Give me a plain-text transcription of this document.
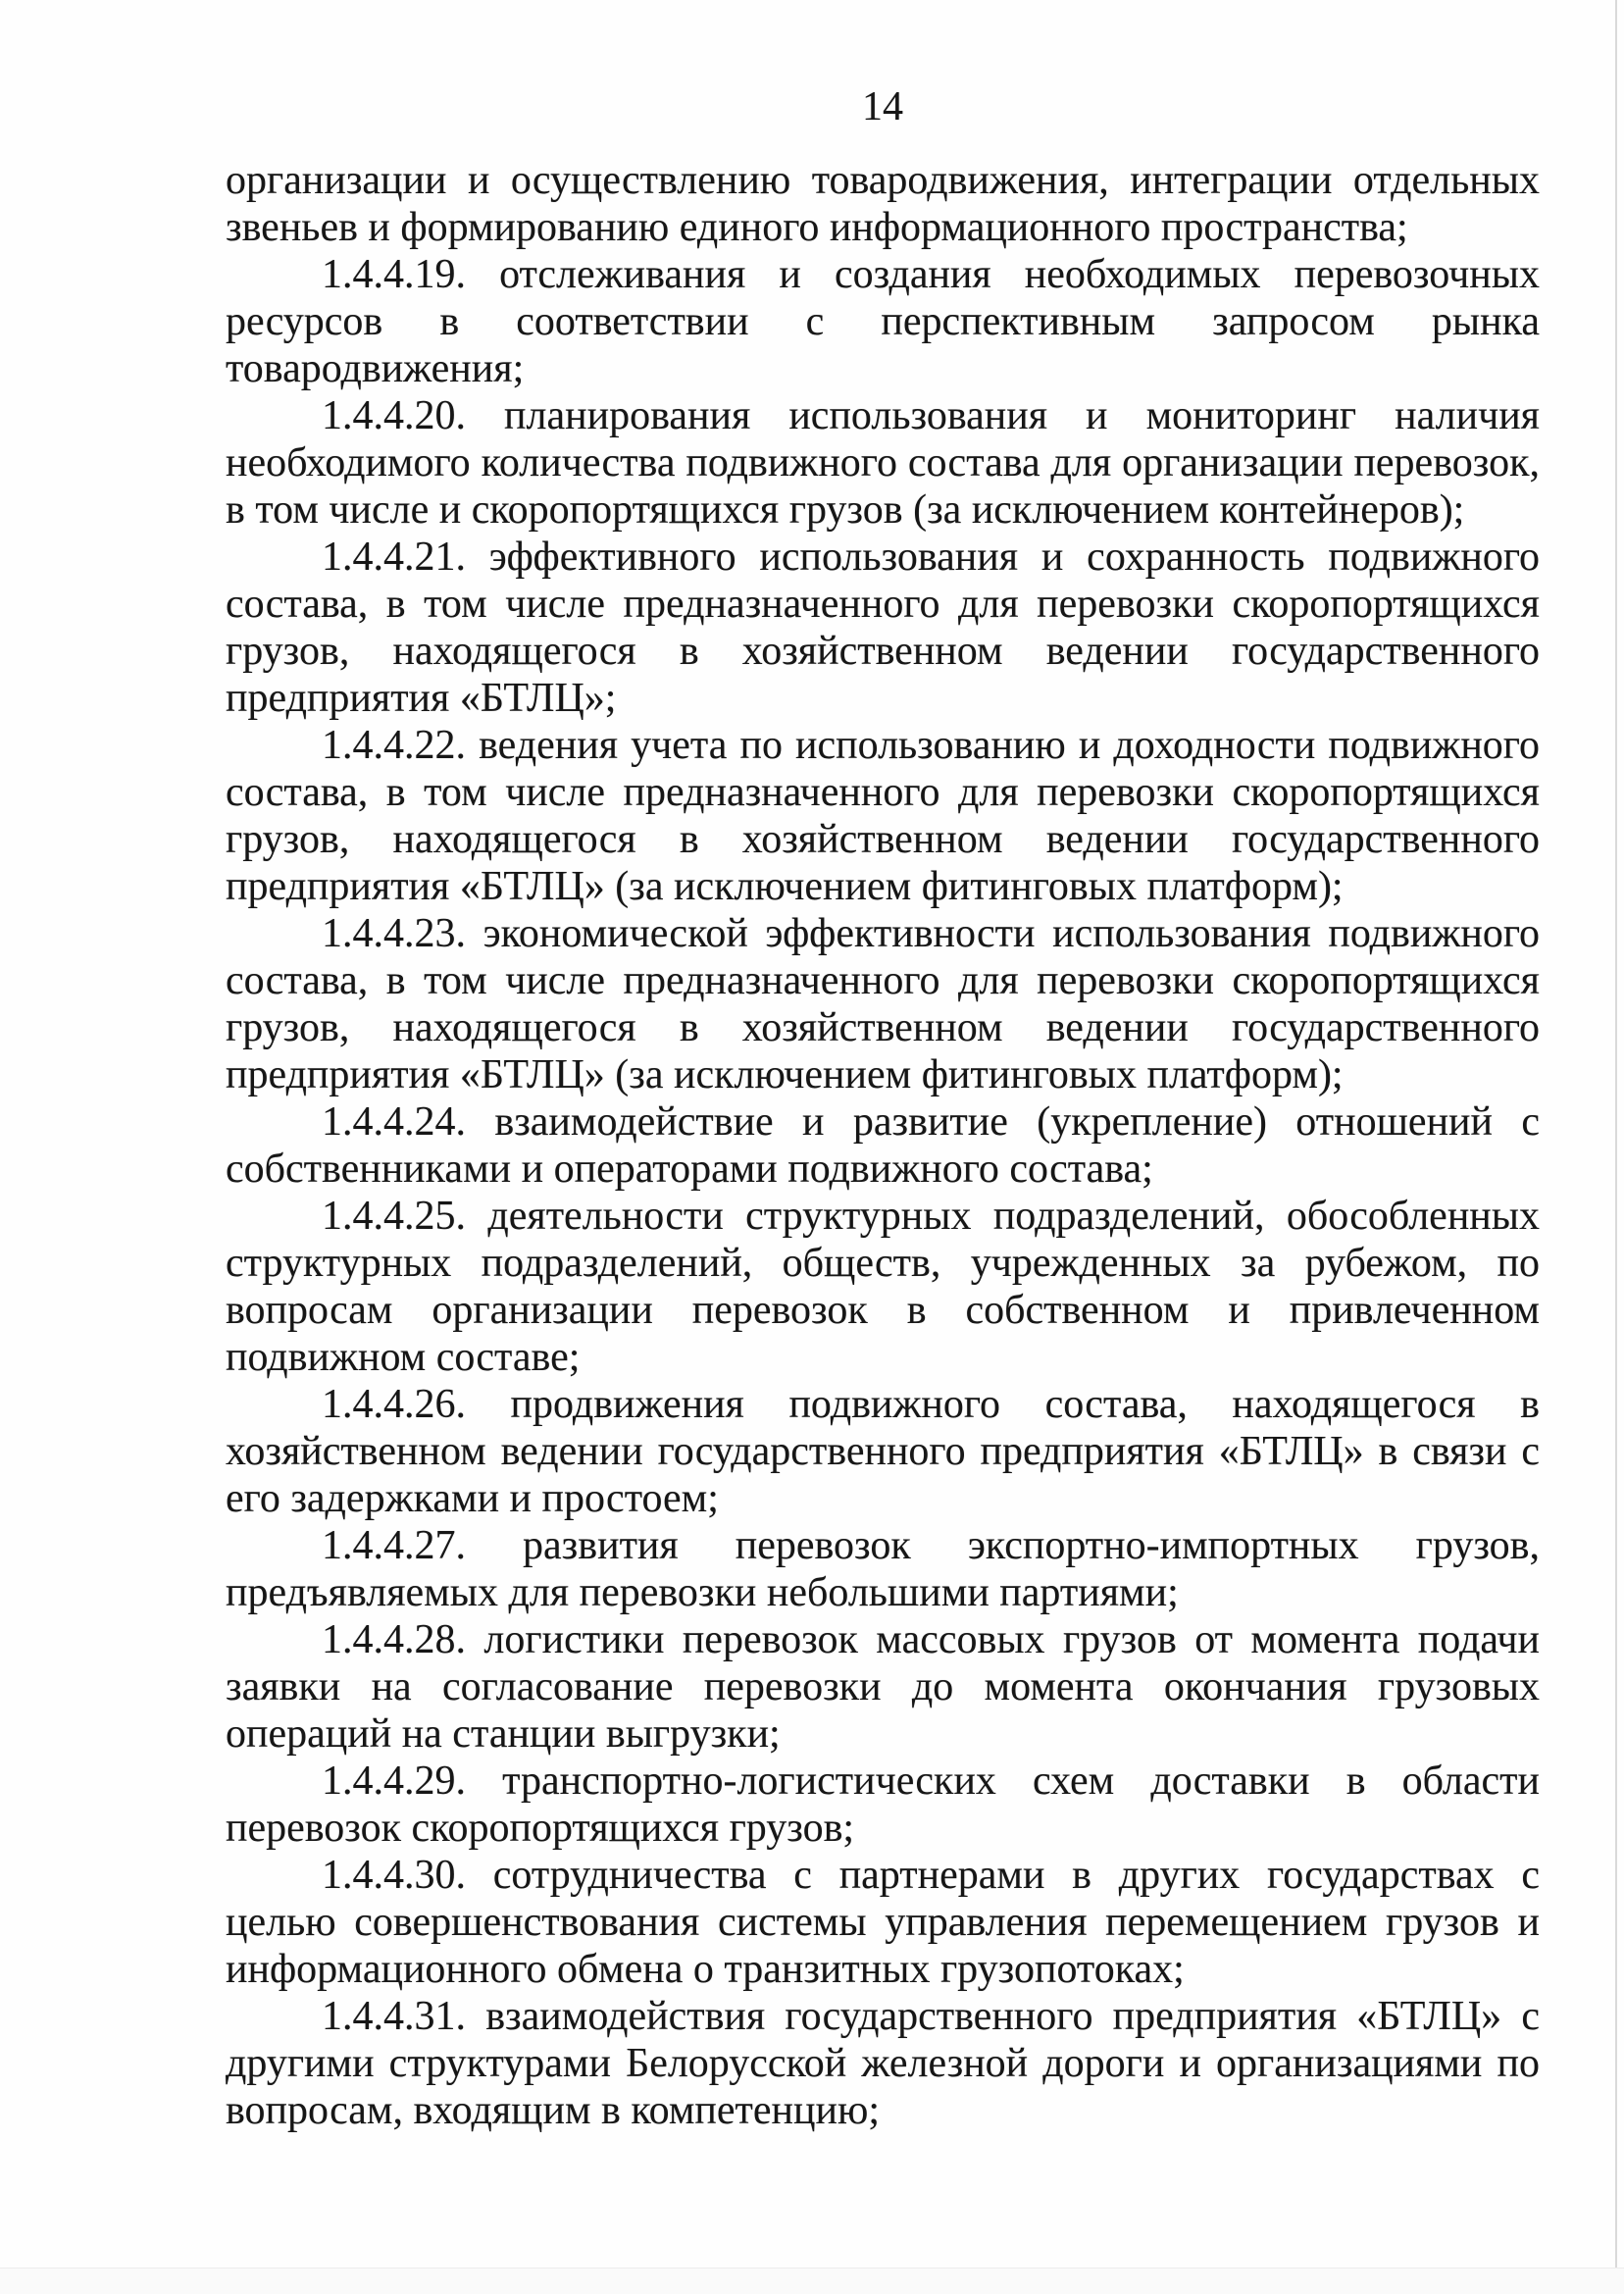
14
организации и осуществлению товародвижения, интеграции отдельных
звеньев и формированию единого информационного пространства;
1.4.4.19. отслеживания и создания необходимых перевозочных
ресурсов в соответствии с перспективным запросом рынка
товародвижения;
1.4.4.20. планирования использования и мониторинг наличия
необходимого количества подвижного состава для организации перевозок,
в том числе и скоропортящихся грузов (за исключением контейнеров);
1.4.4.21. эффективного использования и сохранность подвижного
состава, в том числе предназначенного для перевозки скоропортящихся
грузов, находящегося в хозяйственном ведении государственного
предприятия «БТЛЦ»;
1.4.4.22. ведения учета по использованию и доходности подвижного
состава, в том числе предназначенного для перевозки скоропортящихся
грузов, находящегося в хозяйственном ведении государственного
предприятия «БТЛЦ» (за исключением фитинговых платформ);
1.4.4.23. экономической эффективности использования подвижного
состава, в том числе предназначенного для перевозки скоропортящихся
грузов, находящегося в хозяйственном ведении государственного
предприятия «БТЛЦ» (за исключением фитинговых платформ);
1.4.4.24. взаимодействие и развитие (укрепление) отношений с
собственниками и операторами подвижного состава;
1.4.4.25. деятельности структурных подразделений, обособленных
структурных подразделений, обществ, учрежденных за рубежом, по
вопросам организации перевозок в собственном и привлеченном
подвижном составе;
1.4.4.26. продвижения подвижного состава, находящегося в
хозяйственном ведении государственного предприятия «БТЛЦ» в связи с
его задержками и простоем;
1.4.4.27. развития перевозок экспортно-импортных грузов,
предъявляемых для перевозки небольшими партиями;
1.4.4.28. логистики перевозок массовых грузов от момента подачи
заявки на согласование перевозки до момента окончания грузовых
операций на станции выгрузки;
1.4.4.29. транспортно-логистических схем доставки в области
перевозок скоропортящихся грузов;
1.4.4.30. сотрудничества с партнерами в других государствах с
целью совершенствования системы управления перемещением грузов и
информационного обмена о транзитных грузопотоках;
1.4.4.31. взаимодействия государственного предприятия «БТЛЦ» с
другими структурами Белорусской железной дороги и организациями по
вопросам, входящим в компетенцию;
